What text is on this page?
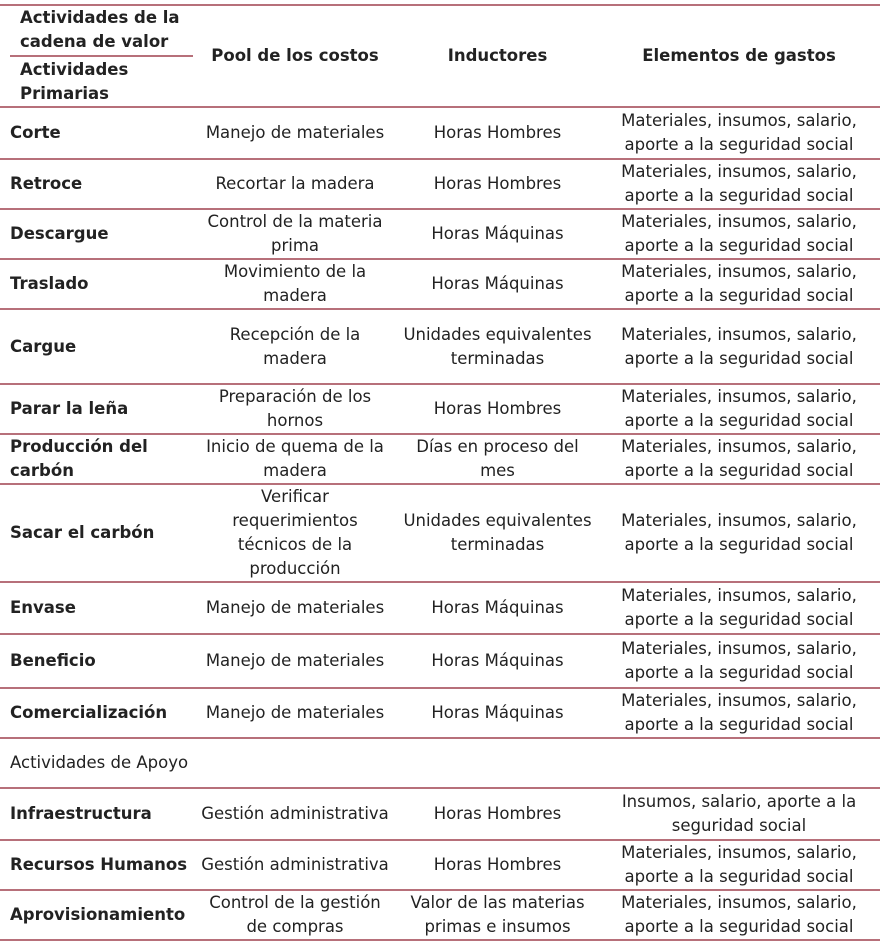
Actividades de la cadena de valor
Actividades Primarias	Pool de los costos	Inductores	Elementos de gastos
Corte	Manejo de materiales	Horas Hombres	Materiales, insumos, salario, aporte a la seguridad social
Retroce	Recortar la madera	Horas Hombres	Materiales, insumos, salario, aporte a la seguridad social
Descargue	Control de la materia prima	Horas Máquinas	Materiales, insumos, salario, aporte a la seguridad social
Traslado	Movimiento de la madera	Horas Máquinas	Materiales, insumos, salario, aporte a la seguridad social
Cargue	Recepción de la madera	Unidades equivalentes terminadas	Materiales, insumos, salario, aporte a la seguridad social
Parar la leña	Preparación de los hornos	Horas Hombres	Materiales, insumos, salario, aporte a la seguridad social
Producción del carbón	Inicio de quema de la madera	Días en proceso del mes	Materiales, insumos, salario, aporte a la seguridad social
Sacar el carbón	Verificar requerimientos técnicos de la producción	Unidades equivalentes terminadas	Materiales, insumos, salario, aporte a la seguridad social
Envase	Manejo de materiales	Horas Máquinas	Materiales, insumos, salario, aporte a la seguridad social
Beneficio	Manejo de materiales	Horas Máquinas	Materiales, insumos, salario, aporte a la seguridad social
Comercialización	Manejo de materiales	Horas Máquinas	Materiales, insumos, salario, aporte a la seguridad social
Actividades de Apoyo			
Infraestructura	Gestión administrativa	Horas Hombres	Insumos, salario, aporte a la seguridad social
Recursos Humanos	Gestión administrativa	Horas Hombres	Materiales, insumos, salario, aporte a la seguridad social
Aprovisionamiento	Control de la gestión de compras	Valor de las materias primas e insumos	Materiales, insumos, salario, aporte a la seguridad social
